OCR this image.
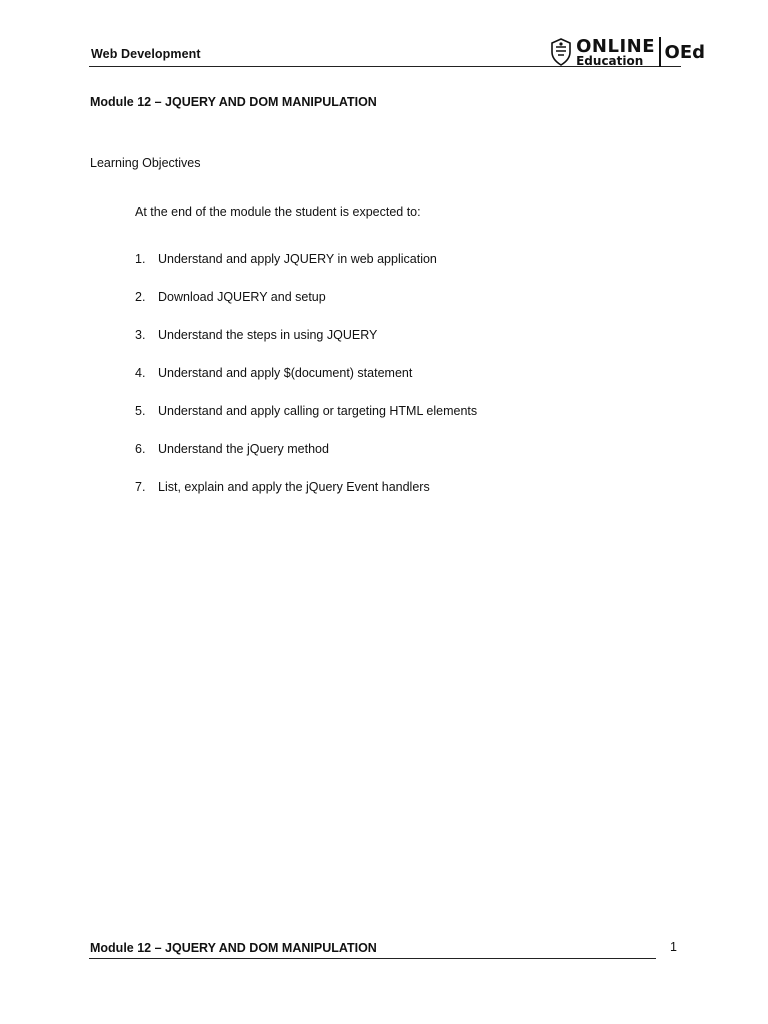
Web Development	ONLINE
Education	OEd
Module 12 – JQUERY AND DOM MANIPULATION
Learning Objectives
At the end of the module the student is expected to:
1.	Understand and apply JQUERY in web application
2.	Download JQUERY and setup
3.	Understand the steps in using JQUERY
4.	Understand and apply $(document) statement
5.	Understand and apply calling or targeting HTML elements
6.	Understand the jQuery method
7.	List, explain and apply the jQuery Event handlers
Module 12 – JQUERY AND DOM MANIPULATION	1
